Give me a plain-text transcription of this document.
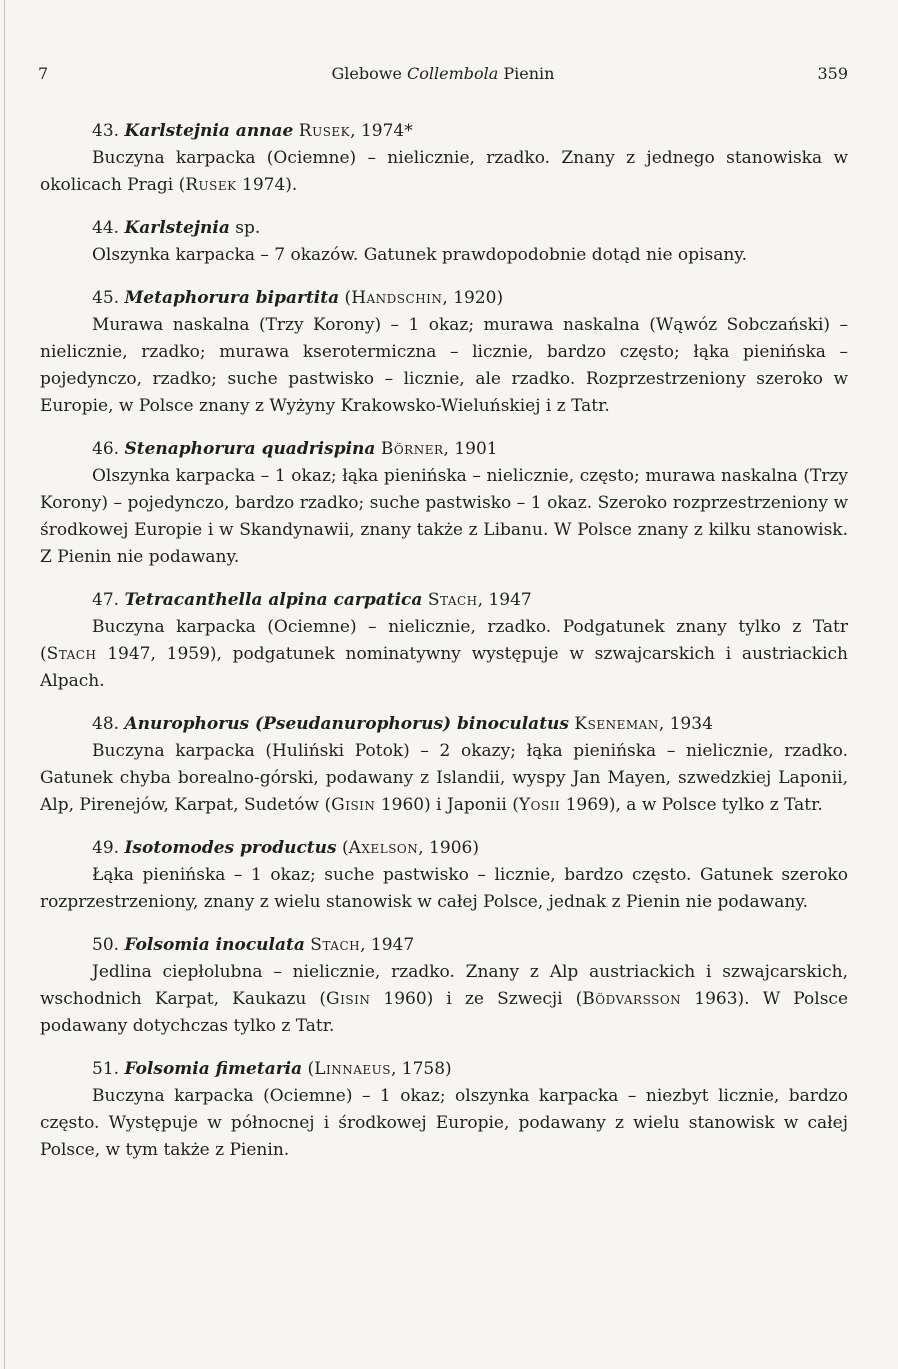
7	Glebowe Collembola Pienin	359

43. Karlstejnia annae Rusek, 1974*

Buczyna karpacka (Ociemne) – nielicznie, rzadko. Znany z jednego stanowiska w okolicach Pragi (Rusek 1974).

44. Karlstejnia sp.

Olszynka karpacka – 7 okazów. Gatunek prawdopodobnie dotąd nie opisany.

45. Metaphorura bipartita (Handschin, 1920)

Murawa naskalna (Trzy Korony) – 1 okaz; murawa naskalna (Wąwóz Sobczański) – nielicznie, rzadko; murawa kserotermiczna – licznie, bardzo często; łąka pienińska – pojedynczo, rzadko; suche pastwisko – licznie, ale rzadko. Rozprzestrzeniony szeroko w Europie, w Polsce znany z Wyżyny Krakowsko-Wieluńskiej i z Tatr.

46. Stenaphorura quadrispina Börner, 1901

Olszynka karpacka – 1 okaz; łąka pienińska – nielicznie, często; murawa naskalna (Trzy Korony) – pojedynczo, bardzo rzadko; suche pastwisko – 1 okaz. Szeroko rozprzestrzeniony w środkowej Europie i w Skandynawii, znany także z Libanu. W Polsce znany z kilku stanowisk. Z Pienin nie podawany.

47. Tetracanthella alpina carpatica Stach, 1947

Buczyna karpacka (Ociemne) – nielicznie, rzadko. Podgatunek znany tylko z Tatr (Stach 1947, 1959), podgatunek nominatywny występuje w szwajcarskich i austriackich Alpach.

48. Anurophorus (Pseudanurophorus) binoculatus Kseneman, 1934

Buczyna karpacka (Huliński Potok) – 2 okazy; łąka pienińska – nielicznie, rzadko. Gatunek chyba borealno-górski, podawany z Islandii, wyspy Jan Mayen, szwedzkiej Laponii, Alp, Pirenejów, Karpat, Sudetów (Gisin 1960) i Japonii (Yosii 1969), a w Polsce tylko z Tatr.

49. Isotomodes productus (Axelson, 1906)

Łąka pienińska – 1 okaz; suche pastwisko – licznie, bardzo często. Gatunek szeroko rozprzestrzeniony, znany z wielu stanowisk w całej Polsce, jednak z Pienin nie podawany.

50. Folsomia inoculata Stach, 1947

Jedlina ciepłolubna – nielicznie, rzadko. Znany z Alp austriackich i szwajcarskich, wschodnich Karpat, Kaukazu (Gisin 1960) i ze Szwecji (Bödvarsson 1963). W Polsce podawany dotychczas tylko z Tatr.

51. Folsomia fimetaria (Linnaeus, 1758)

Buczyna karpacka (Ociemne) – 1 okaz; olszynka karpacka – niezbyt licznie, bardzo często. Występuje w północnej i środkowej Europie, podawany z wielu stanowisk w całej Polsce, w tym także z Pienin.
